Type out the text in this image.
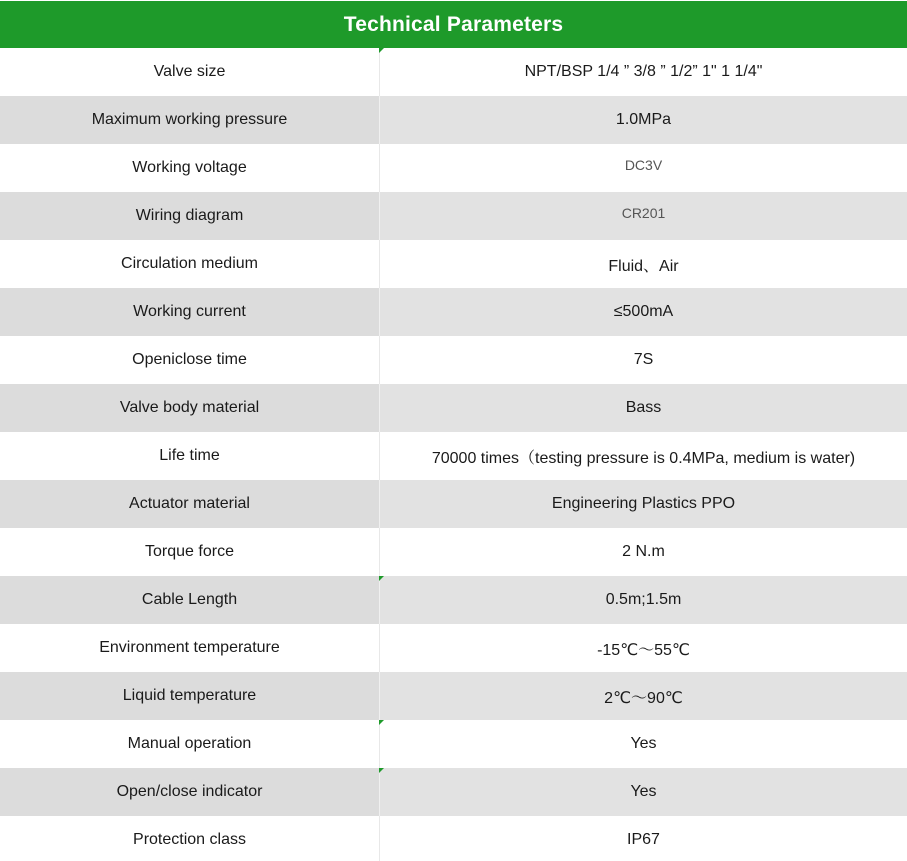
Technical Parameters
Valve size	NPT/BSP 1/4 ” 3/8 ” 1/2” 1" 1 1/4"
Maximum working pressure	1.0MPa
Working voltage	DC3V
Wiring diagram	CR201
Circulation medium	Fluid、Air
Working current	≤500mA
Openiclose time	7S
Valve body material	Bass
Life time	70000 times（testing pressure is 0.4MPa, medium is water)
Actuator material	Engineering Plastics PPO
Torque force	2 N.m
Cable Length	0.5m;1.5m
Environment temperature	-15℃～55℃
Liquid temperature	2℃～90℃
Manual operation	Yes
Open/close indicator	Yes
Protection class	IP67
